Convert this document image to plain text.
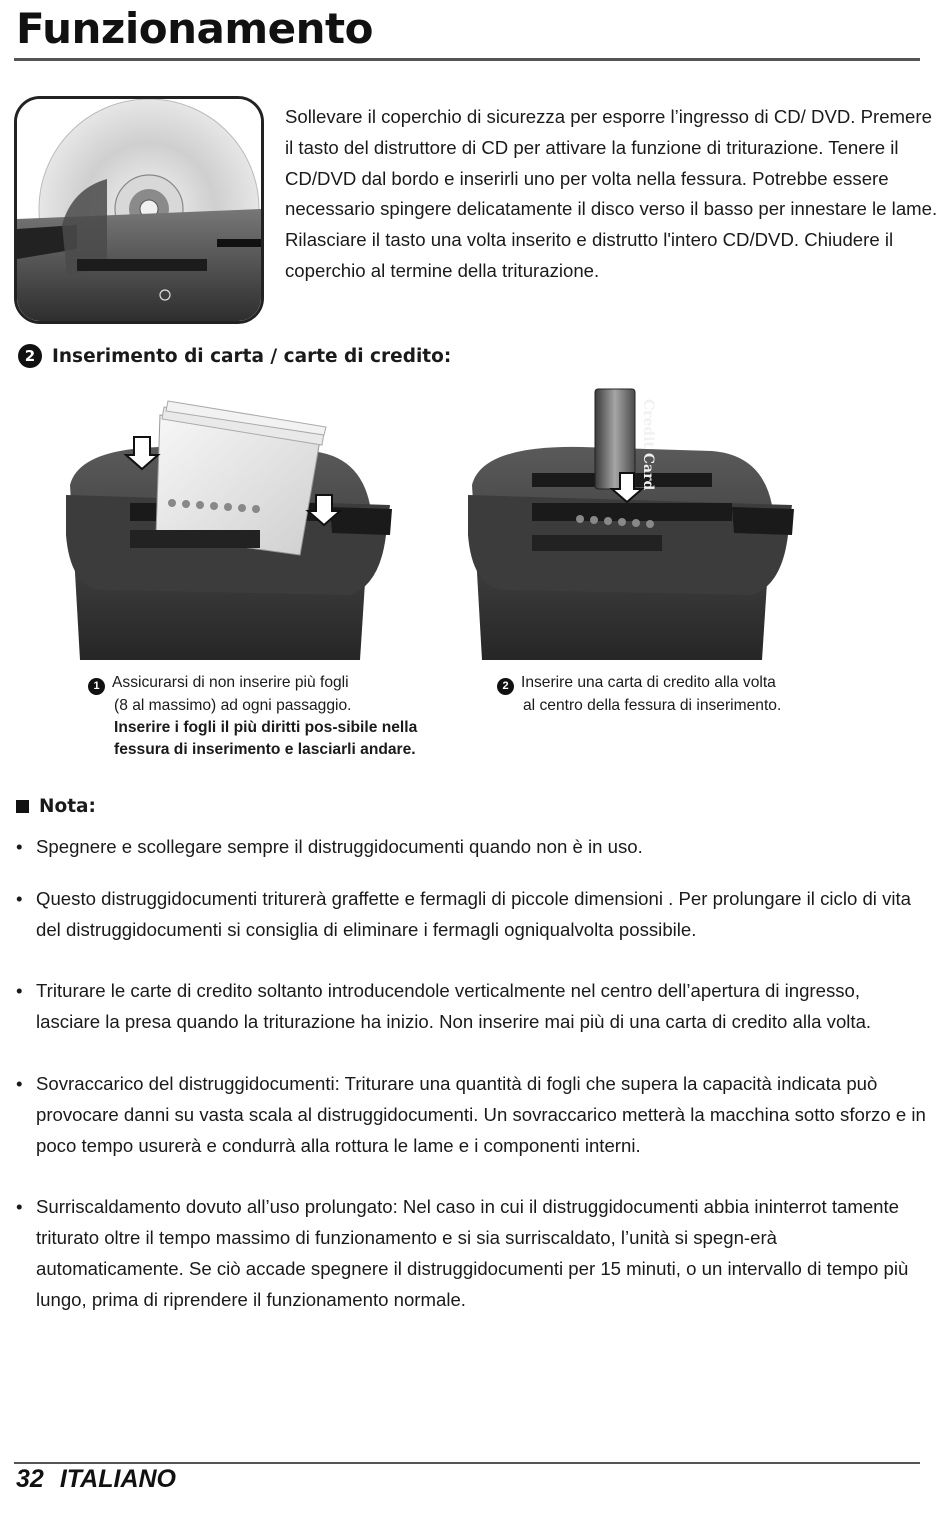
Funzionamento

Sollevare il coperchio di sicurezza per esporre l’ingresso di CD/ DVD. Premere il tasto del distruttore di CD per attivare la funzione di triturazione. Tenere il CD/DVD dal bordo e inserirli uno per volta nella fessura. Potrebbe essere necessario spingere delicatamente il disco verso il basso per innestare le lame. Rilasciare il tasto una volta inserito e distrutto l'intero CD/DVD. Chiudere il coperchio al termine della triturazione.

2 Inserimento di carta / carte di credito:
Credit Card

1 Assicurarsi di non inserire più fogli
(8 al massimo) ad ogni passaggio.
Inserire i fogli il più diritti pos-sibile nella fessura di inserimento e lasciarli andare.

2 Inserire una carta di credito alla volta
al centro della fessura di inserimento.

Nota:
• Spegnere e scollegare sempre il distruggidocumenti quando non è in uso.
• Questo distruggidocumenti triturerà graffette e fermagli di piccole dimensioni . Per prolungare il ciclo di vita del distruggidocumenti si consiglia di eliminare i fermagli ogniqualvolta possibile.
• Triturare le carte di credito soltanto introducendole verticalmente nel centro dell’apertura di ingresso, lasciare la presa quando la triturazione ha inizio. Non inserire mai più di una carta di credito alla volta.
• Sovraccarico del distruggidocumenti: Triturare una quantità di fogli che supera la capacità indicata può provocare danni su vasta scala al distruggidocumenti. Un sovraccarico metterà la macchina sotto sforzo e in poco tempo usurerà e condurrà alla rottura le lame e i componenti interni.
• Surriscaldamento dovuto all’uso prolungato: Nel caso in cui il distruggidocumenti abbia ininterrot tamente triturato oltre il tempo massimo di funzionamento e si sia surriscaldato, l’unità si spegn-erà automaticamente. Se ciò accade spegnere il distruggidocumenti per 15 minuti, o un intervallo di tempo più lungo, prima di riprendere il funzionamento normale.
32 ITALIANO
